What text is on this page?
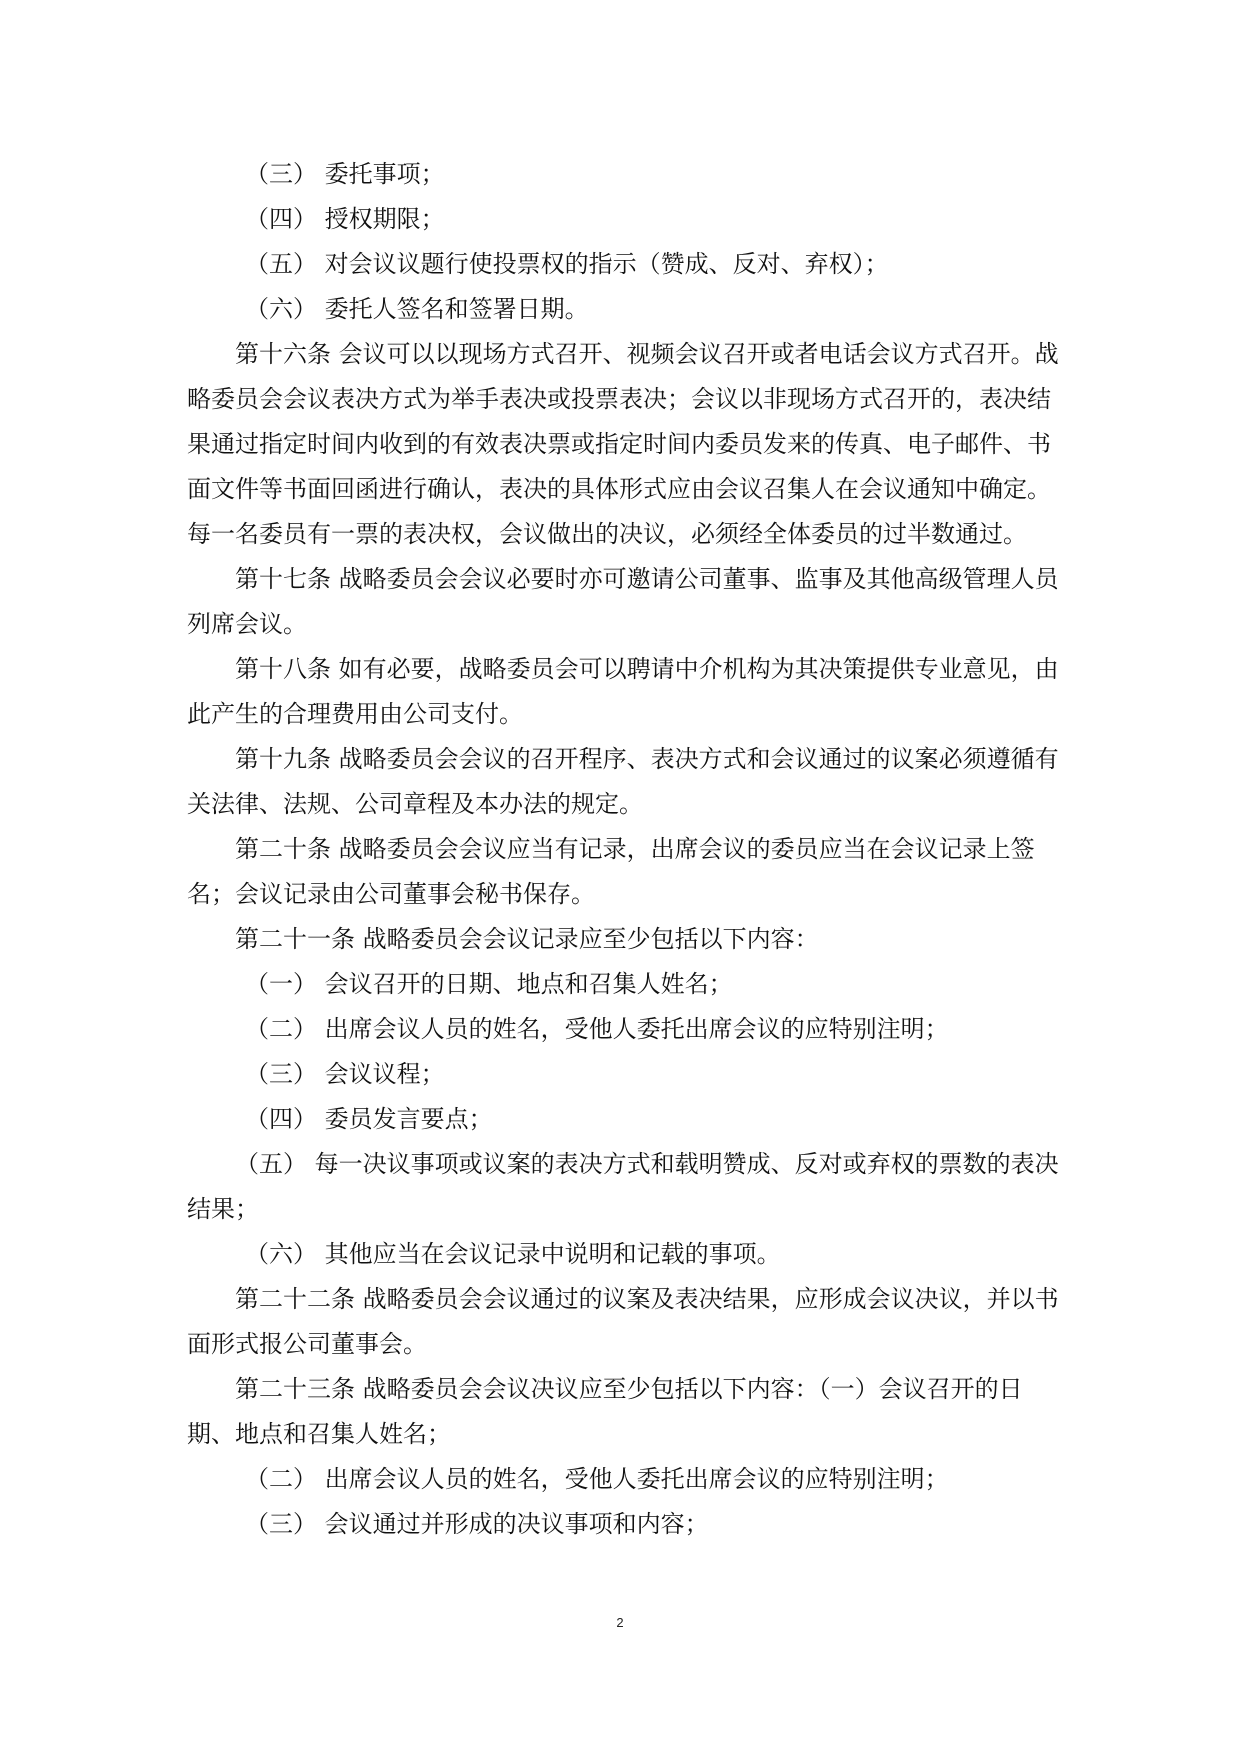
（三） 委托事项；

（四） 授权期限；

（五） 对会议议题行使投票权的指示（赞成、反对、弃权）；

（六） 委托人签名和签署日期。

第十六条 会议可以以现场方式召开、视频会议召开或者电话会议方式召开。战略委员会会议表决方式为举手表决或投票表决；会议以非现场方式召开的，表决结果通过指定时间内收到的有效表决票或指定时间内委员发来的传真、电子邮件、书面文件等书面回函进行确认，表决的具体形式应由会议召集人在会议通知中确定。每一名委员有一票的表决权，会议做出的决议，必须经全体委员的过半数通过。

第十七条 战略委员会会议必要时亦可邀请公司董事、监事及其他高级管理人员列席会议。

第十八条 如有必要，战略委员会可以聘请中介机构为其决策提供专业意见，由此产生的合理费用由公司支付。

第十九条 战略委员会会议的召开程序、表决方式和会议通过的议案必须遵循有关法律、法规、公司章程及本办法的规定。

第二十条 战略委员会会议应当有记录，出席会议的委员应当在会议记录上签名；会议记录由公司董事会秘书保存。

第二十一条 战略委员会会议记录应至少包括以下内容：

（一） 会议召开的日期、地点和召集人姓名；

（二） 出席会议人员的姓名，受他人委托出席会议的应特别注明；

（三） 会议议程；

（四） 委员发言要点；

（五） 每一决议事项或议案的表决方式和载明赞成、反对或弃权的票数的表决结果；

（六） 其他应当在会议记录中说明和记载的事项。

第二十二条 战略委员会会议通过的议案及表决结果，应形成会议决议，并以书面形式报公司董事会。

第二十三条 战略委员会会议决议应至少包括以下内容：（一）会议召开的日期、地点和召集人姓名；

（二） 出席会议人员的姓名，受他人委托出席会议的应特别注明；

（三） 会议通过并形成的决议事项和内容；

2
